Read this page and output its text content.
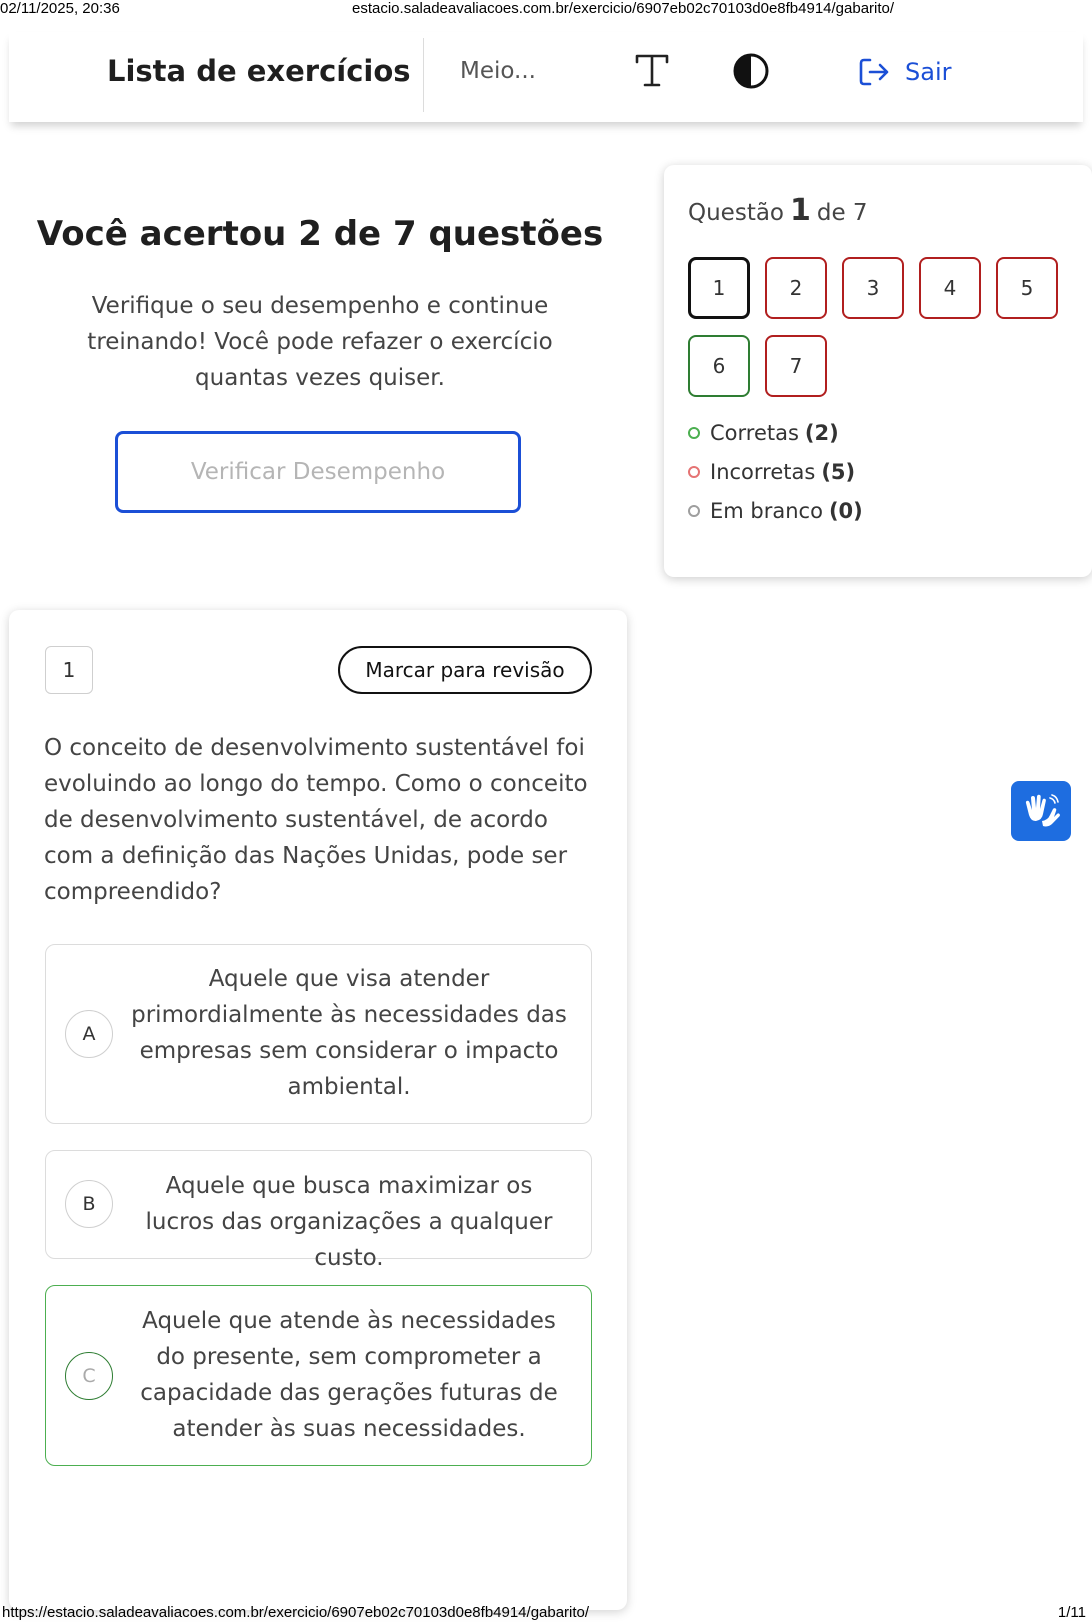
02/11/2025, 20:36	estacio.saladeavaliacoes.com.br/exercicio/6907eb02c70103d0e8fb4914/gabarito/
Lista de exercícios Meio...	Sair
Você acertou 2 de 7 questões
Verifique o seu desempenho e continue treinando! Você pode refazer o exercício quantas vezes quiser.
Verificar Desempenho
Questão 1 de 7
1	2	3	4	5
6	7
Corretas (2)
Incorretas (5)
Em branco (0)
1	Marcar para revisão
O conceito de desenvolvimento sustentável foi evoluindo ao longo do tempo. Como o conceito de desenvolvimento sustentável, de acordo com a definição das Nações Unidas, pode ser compreendido?
A
Aquele que visa atender primordialmente às necessidades das empresas sem considerar o impacto ambiental.
B
Aquele que busca maximizar os lucros das organizações a qualquer custo.
C
Aquele que atende às necessidades do presente, sem comprometer a capacidade das gerações futuras de atender às suas necessidades.
https://estacio.saladeavaliacoes.com.br/exercicio/6907eb02c70103d0e8fb4914/gabarito/	1/11
